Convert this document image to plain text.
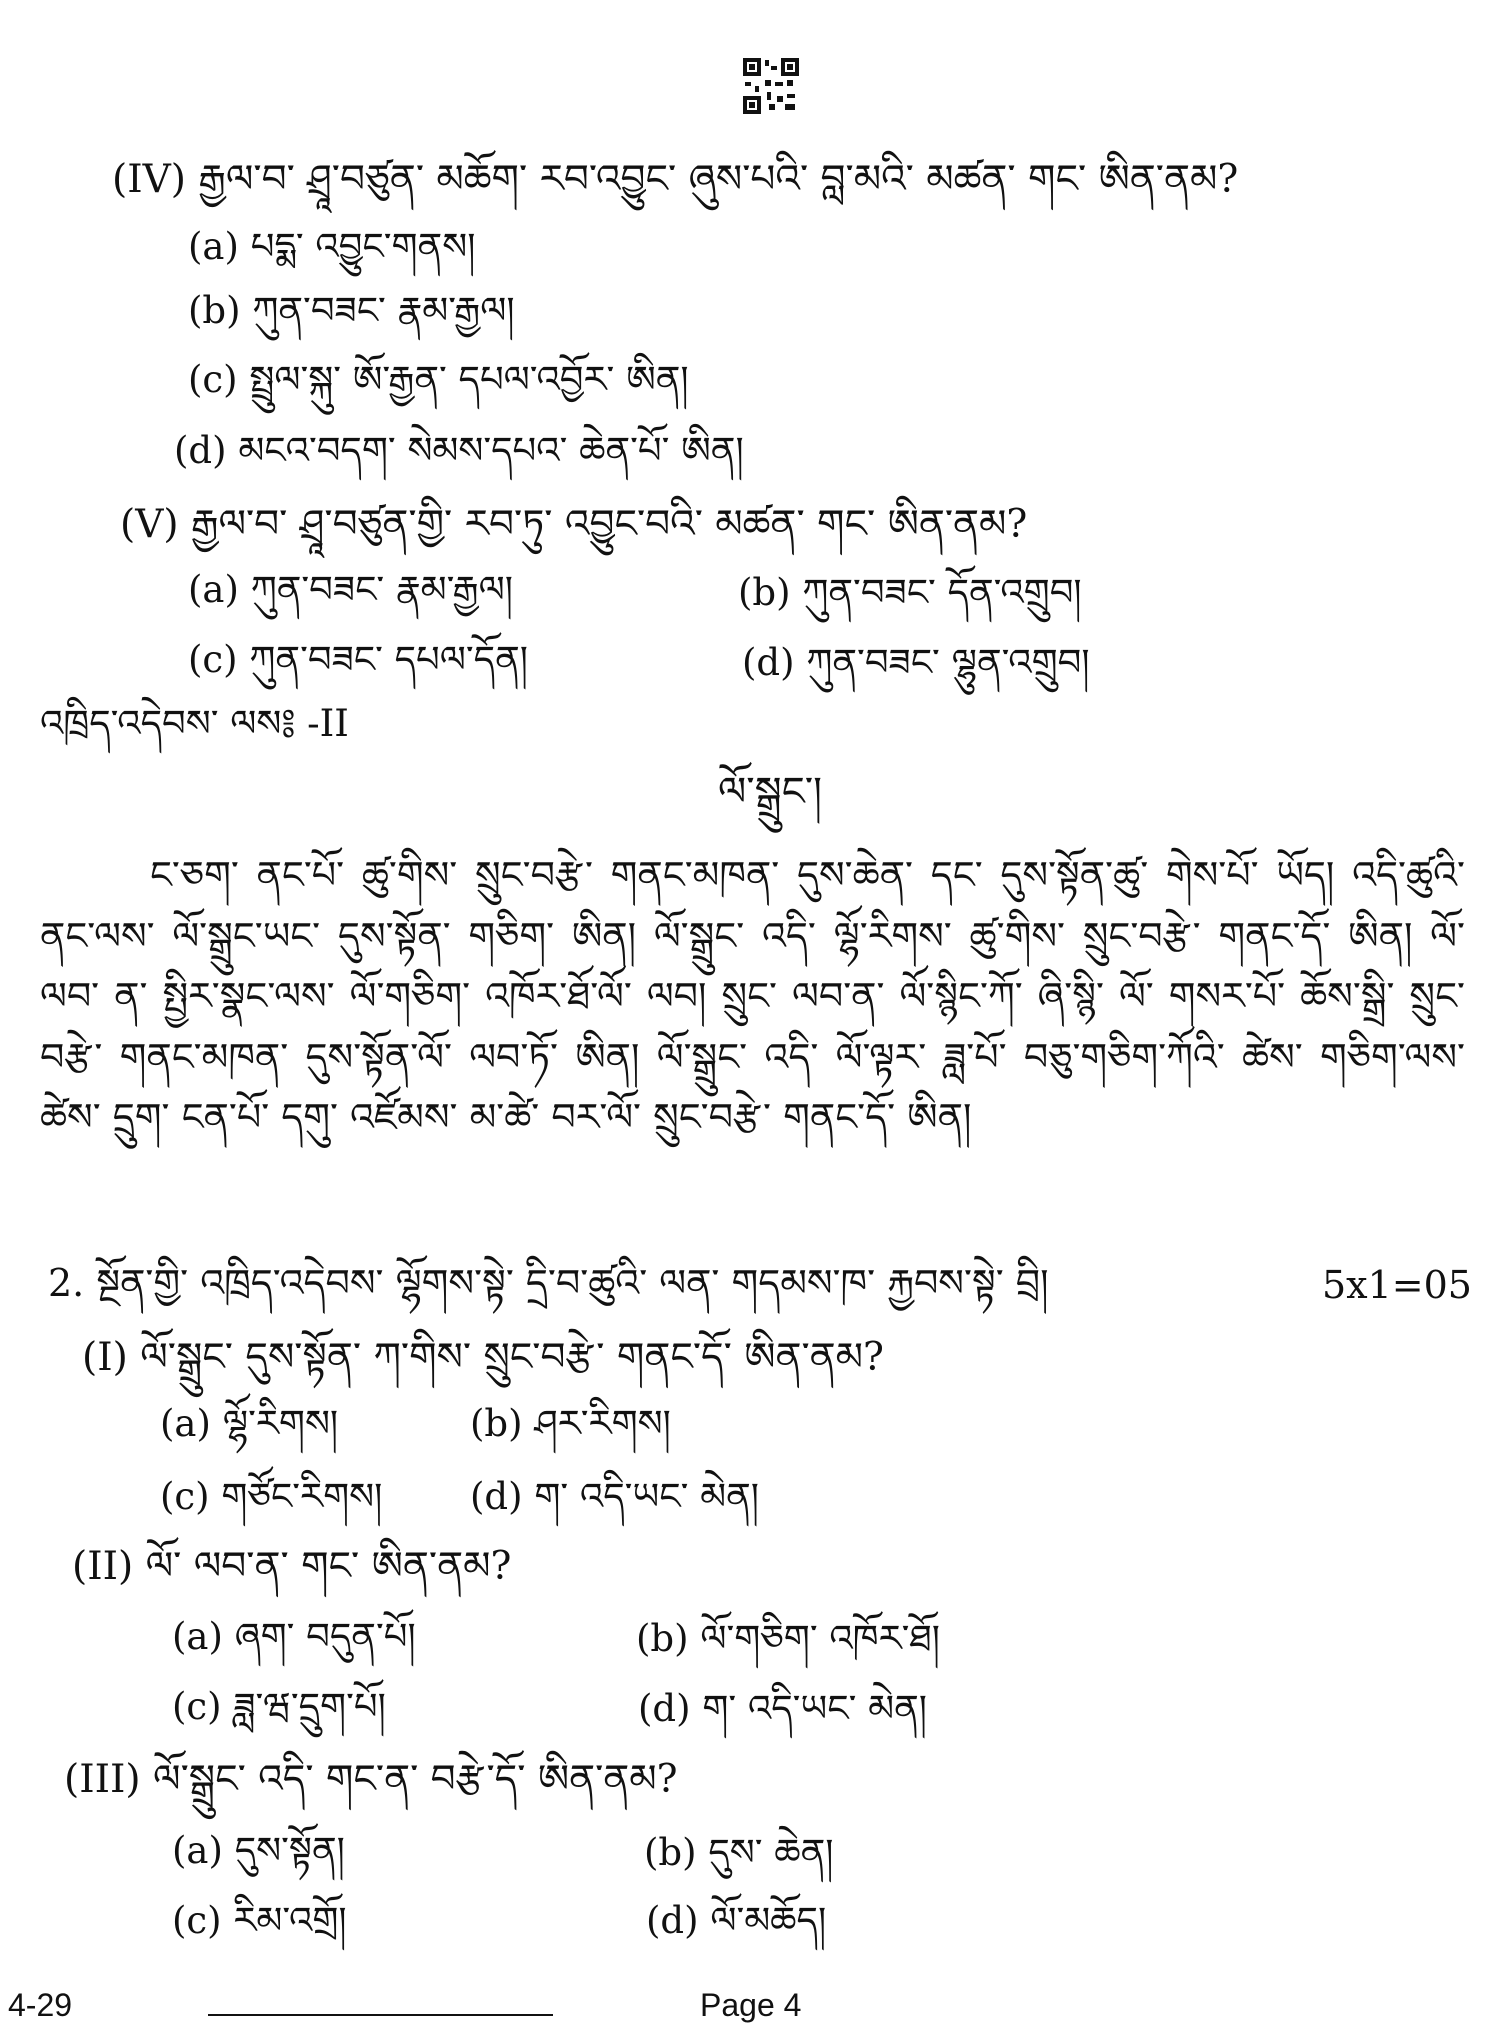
(IV) རྒྱལ་བ་ ཤྲཱ་བཙུན་ མཆོག་ རབ་འབྱུང་ ཞུས་པའི་ བླ་མའི་ མཚན་ གང་ ཨིན་ནམ?
(a) པདྨ་ འབྱུང་གནས།
(b) ཀུན་བཟང་ རྣམ་རྒྱལ།
(c) སྤྲུལ་སྐུ་ ཨོ་རྒྱན་ དཔལ་འབྱོར་ ཨིན།
(d) མངའ་བདག་ སེམས་དཔའ་ ཆེན་པོ་ ཨིན།
(V) རྒྱལ་བ་ ཤྲཱ་བཙུན་གྱི་ རབ་ཏུ་ འབྱུང་བའི་ མཚན་ གང་ ཨིན་ནམ?
(a) ཀུན་བཟང་ རྣམ་རྒྱལ།	(b) ཀུན་བཟང་ དོན་འགྲུབ།
(c) ཀུན་བཟང་ དཔལ་དོན།	(d) ཀུན་བཟང་ ལྷུན་འགྲུབ།
འཁྲིད་འདེབས་ ལས༔ -II
ལོ་སྒྲུང་།

ང་ཅག་ ནང་པོ་ ཚུ་གིས་ སྲུང་བརྩེ་ གནང་མཁན་ དུས་ཆེན་ དང་ དུས་སྟོན་ཚུ་ གེས་པོ་ ཡོད། འདི་ཚུའི་ ནང་ལས་ ལོ་སྒྲུང་ཡང་ དུས་སྟོན་ གཅིག་ ཨིན། ལོ་སྒྲུང་ འདི་ ལྷོ་རིགས་ ཚུ་གིས་ སྲུང་བརྩེ་ གནང་དོ་ ཨིན། ལོ་ ལབ་ ན་ སྤྱིར་སྣང་ལས་ ལོ་གཅིག་ འཁོར་ཐོ་ལོ་ ལབ། སྲུང་ ལབ་ན་ ལོ་སྙིང་ཀོ་ ཞི་སྙི་ ལོ་ གསར་པོ་ ཆོས་སྒྲི་ སྲུང་བརྩེ་ གནང་མཁན་ དུས་སྟོན་ལོ་ ལབ་ཏོ་ ཨིན། ལོ་སྒྲུང་ འདི་ ལོ་ལྟར་ ཟླ་པོ་ བཅུ་གཅིག་ཀོའི་ ཚེས་ གཅིག་ལས་ ཚེས་ དྲུག་ ངན་པོ་ དགུ་ འཛོམས་ མ་ཚེ་ བར་ལོ་ སྲུང་བརྩེ་ གནང་དོ་ ཨིན།

2. སྔོན་གྱི་ འཁྲིད་འདེབས་ ལྷོགས་སྟེ་ དྲི་བ་ཚུའི་ ལན་ གདམས་ཁ་ རྐྱབས་སྟེ་ བྲི།	5x1=05
(I) ལོ་སྒྲུང་ དུས་སྟོན་ ཀ་གིས་ སྲུང་བརྩེ་ གནང་དོ་ ཨིན་ནམ?
(a) ལྷོ་རིགས།	(b) ཤར་རིགས།
(c) གཙོང་རིགས། (d) ག་ འདི་ཡང་ མེན།
(II) ལོ་ ལབ་ན་ གང་ ཨིན་ནམ?
(a) ཞག་ བདུན་པོ།	(b) ལོ་གཅིག་ འཁོར་ཐོ།
(c) ཟླ་ཝ་དྲུག་པོ།	(d) ག་ འདི་ཡང་ མེན།
(III) ལོ་སྒྲུང་ འདི་ གང་ན་ བརྩེ་དོ་ ཨིན་ནམ?
(a) དུས་སྟོན།	(b) དུས་ ཆེན།
(c) རིམ་འགྲོ།	(d) ལོ་མཆོད།
4-29	Page 4
